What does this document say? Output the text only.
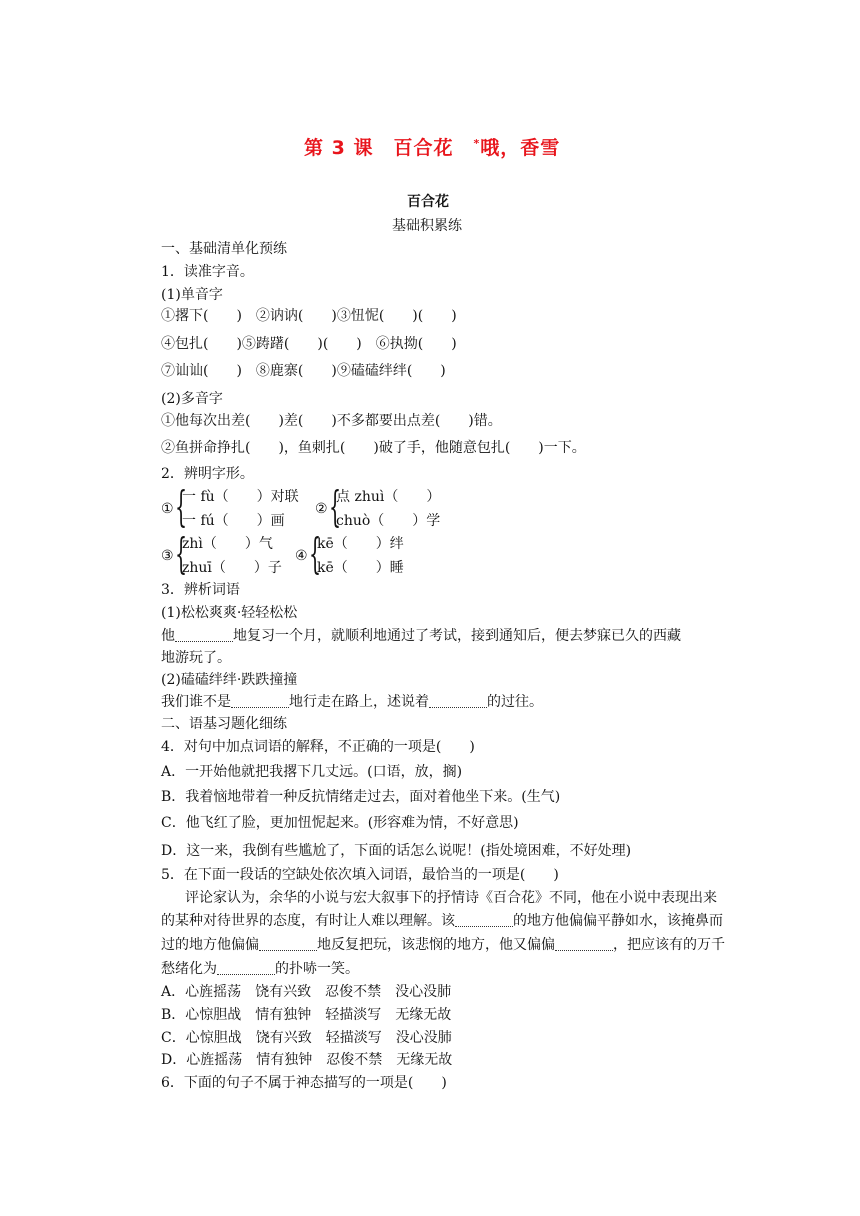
第 3 课　百合花　*哦，香雪
百合花
基础积累练
一、基础清单化预练
1．读准字音。
(1)单音字
①撂下(　　)　②讷讷(　　)③忸怩(　　)(　　)
④包扎(　　)⑤踌躇(　　)(　　)　⑥执拗(　　)
⑦讪讪(　　)　⑧鹿寨(　　)⑨磕磕绊绊(　　)
(2)多音字
①他每次出差(　　)差(　　)不多都要出点差(　　)错。
②鱼拼命挣扎(　　)，鱼刺扎(　　)破了手，他随意包扎(　　)一下。
2．辨明字形。
① {
一 fù（　　）对联
一 fú（　　）画
② {
点 zhuì（　　）
chuò（　　）学
③ {
zhì（　　）气
zhuī（　　）子
④ {
kē（　　）绊
kē（　　）睡
3．辨析词语
(1)松松爽爽·轻轻松松
他	地复习一个月，就顺利地通过了考试，接到通知后，便去梦寐已久的西藏
地游玩了。
(2)磕磕绊绊·跌跌撞撞
我们谁不是	地行走在路上，述说着	的过往。
二、语基习题化细练
4．对句中加点词语的解释，不正确的一项是(　　)
A．一开始他就把我撂下几丈远。(口语，放，搁)
B．我着恼地带着一种反抗情绪走过去，面对着他坐下来。(生气)
C．他飞红了脸，更加忸怩起来。(形容难为情，不好意思)
D．这一来，我倒有些尴尬了，下面的话怎么说呢！(指处境困难，不好处理)
5．在下面一段话的空缺处依次填入词语，最恰当的一项是(　　)
评论家认为，余华的小说与宏大叙事下的抒情诗《百合花》不同，他在小说中表现出来
的某种对待世界的态度，有时让人难以理解。该	的地方他偏偏平静如水，该掩鼻而
过的地方他偏偏	地反复把玩，该悲悯的地方，他又偏偏	，把应该有的万千
愁绪化为	的扑哧一笑。
A．心旌摇荡　饶有兴致　忍俊不禁　没心没肺
B．心惊胆战　情有独钟　轻描淡写　无缘无故
C．心惊胆战　饶有兴致　轻描淡写　没心没肺
D．心旌摇荡　情有独钟　忍俊不禁　无缘无故
6．下面的句子不属于神态描写的一项是(　　)
